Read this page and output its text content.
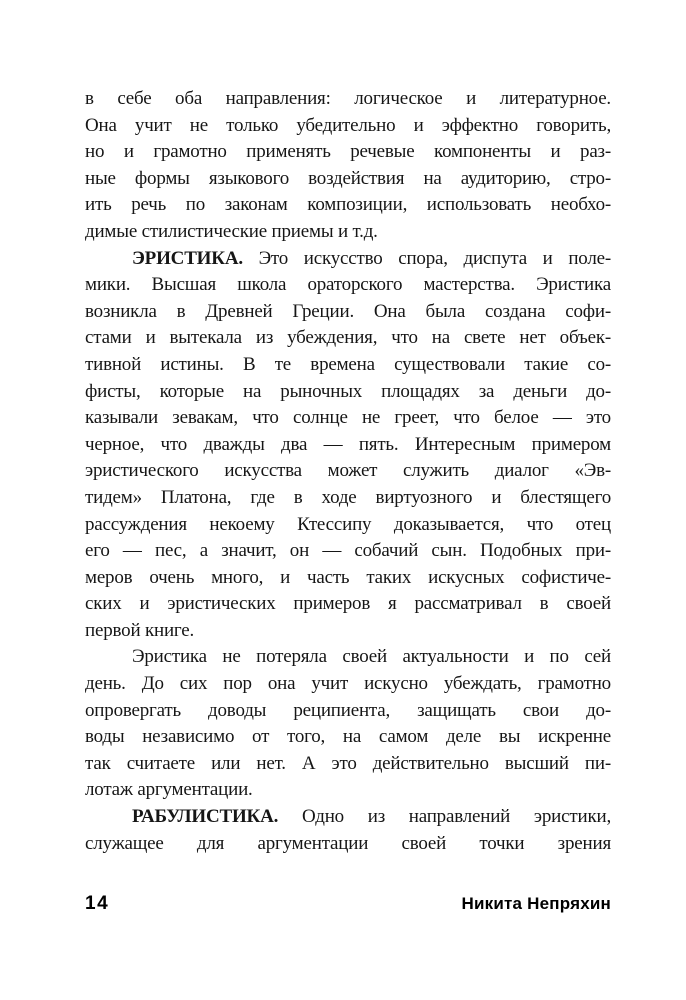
в себе оба направления: логическое и литературное.
Она учит не только убедительно и эффектно говорить,
но и грамотно применять речевые компоненты и раз-
ные формы языкового воздействия на аудиторию, стро-
ить речь по законам композиции, использовать необхо-
димые стилистические приемы и т.д.
ЭРИСТИКА. Это искусство спора, диспута и поле-
мики. Высшая школа ораторского мастерства. Эристика
возникла в Древней Греции. Она была создана софи-
стами и вытекала из убеждения, что на свете нет объек-
тивной истины. В те времена существовали такие со-
фисты, которые на рыночных площадях за деньги до-
казывали зевакам, что солнце не греет, что белое — это
черное, что дважды два — пять. Интересным примером
эристического искусства может служить диалог «Эв-
тидем» Платона, где в ходе виртуозного и блестящего
рассуждения некоему Ктессипу доказывается, что отец
его — пес, а значит, он — собачий сын. Подобных при-
меров очень много, и часть таких искусных софистиче-
ских и эристических примеров я рассматривал в своей
первой книге.
Эристика не потеряла своей актуальности и по сей
день. До сих пор она учит искусно убеждать, грамотно
опровергать доводы реципиента, защищать свои до-
воды независимо от того, на самом деле вы искренне
так считаете или нет. А это действительно высший пи-
лотаж аргументации.
РАБУЛИСТИКА. Одно из направлений эристики,
служащее для аргументации своей точки зрения
14	Никита Непряхин
